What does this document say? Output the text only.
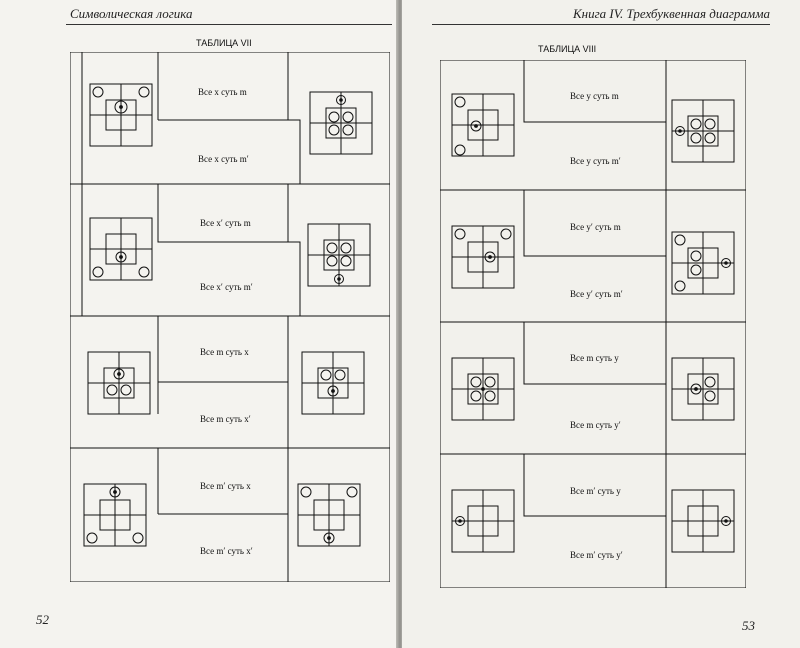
Символическая логика
ТАБЛИЦА VII
Все x суть m
Все x суть m′
Все x′ суть m
Все x′ суть m′
Все m суть x
Все m суть x′
Все m′ суть x
Все m′ суть x′
52
Книга IV. Трехбуквенная диаграмма
ТАБЛИЦА VIII
Все y суть m
Все y суть m′
Все y′ суть m
Все y′ суть m′
Все m суть y
Все m суть y′
Все m′ суть y
Все m′ суть y′
53
